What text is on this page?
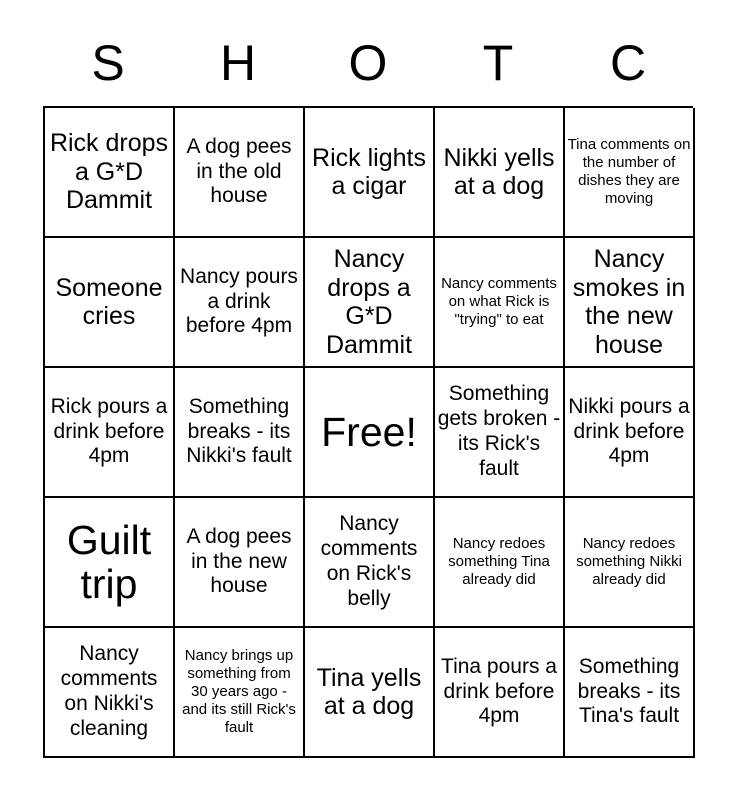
S	H	O	T	C
Rick drops a G*D Dammit
A dog pees in the old house
Rick lights a cigar
Nikki yells at a dog
Tina comments on the number of dishes they are moving
Someone cries
Nancy pours a drink before 4pm
Nancy drops a G*D Dammit
Nancy comments on what Rick is "trying" to eat
Nancy smokes in the new house
Rick pours a drink before 4pm
Something breaks - its Nikki's fault
Free!
Something gets broken - its Rick's fault
Nikki pours a drink before 4pm
Guilt trip
A dog pees in the new house
Nancy comments on Rick's belly
Nancy redoes something Tina already did
Nancy redoes something Nikki already did
Nancy comments on Nikki's cleaning
Nancy brings up something from 30 years ago - and its still Rick's fault
Tina yells at a dog
Tina pours a drink before 4pm
Something breaks - its Tina's fault
